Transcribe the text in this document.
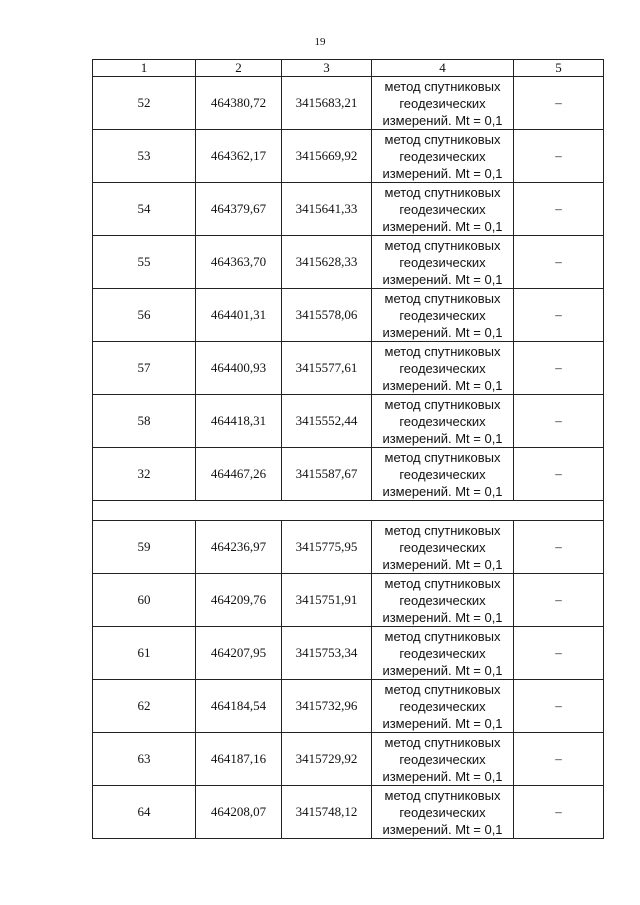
19
1	2	3	4	5
52	464380,72	3415683,21	метод спутниковых
геодезических
измерений. Mt = 0,1	–
53	464362,17	3415669,92	метод спутниковых
геодезических
измерений. Mt = 0,1	–
54	464379,67	3415641,33	метод спутниковых
геодезических
измерений. Mt = 0,1	–
55	464363,70	3415628,33	метод спутниковых
геодезических
измерений. Mt = 0,1	–
56	464401,31	3415578,06	метод спутниковых
геодезических
измерений. Mt = 0,1	–
57	464400,93	3415577,61	метод спутниковых
геодезических
измерений. Mt = 0,1	–
58	464418,31	3415552,44	метод спутниковых
геодезических
измерений. Mt = 0,1	–
32	464467,26	3415587,67	метод спутниковых
геодезических
измерений. Mt = 0,1	–

59	464236,97	3415775,95	метод спутниковых
геодезических
измерений. Mt = 0,1	–
60	464209,76	3415751,91	метод спутниковых
геодезических
измерений. Mt = 0,1	–
61	464207,95	3415753,34	метод спутниковых
геодезических
измерений. Mt = 0,1	–
62	464184,54	3415732,96	метод спутниковых
геодезических
измерений. Mt = 0,1	–
63	464187,16	3415729,92	метод спутниковых
геодезических
измерений. Mt = 0,1	–
64	464208,07	3415748,12	метод спутниковых
геодезических
измерений. Mt = 0,1	–
